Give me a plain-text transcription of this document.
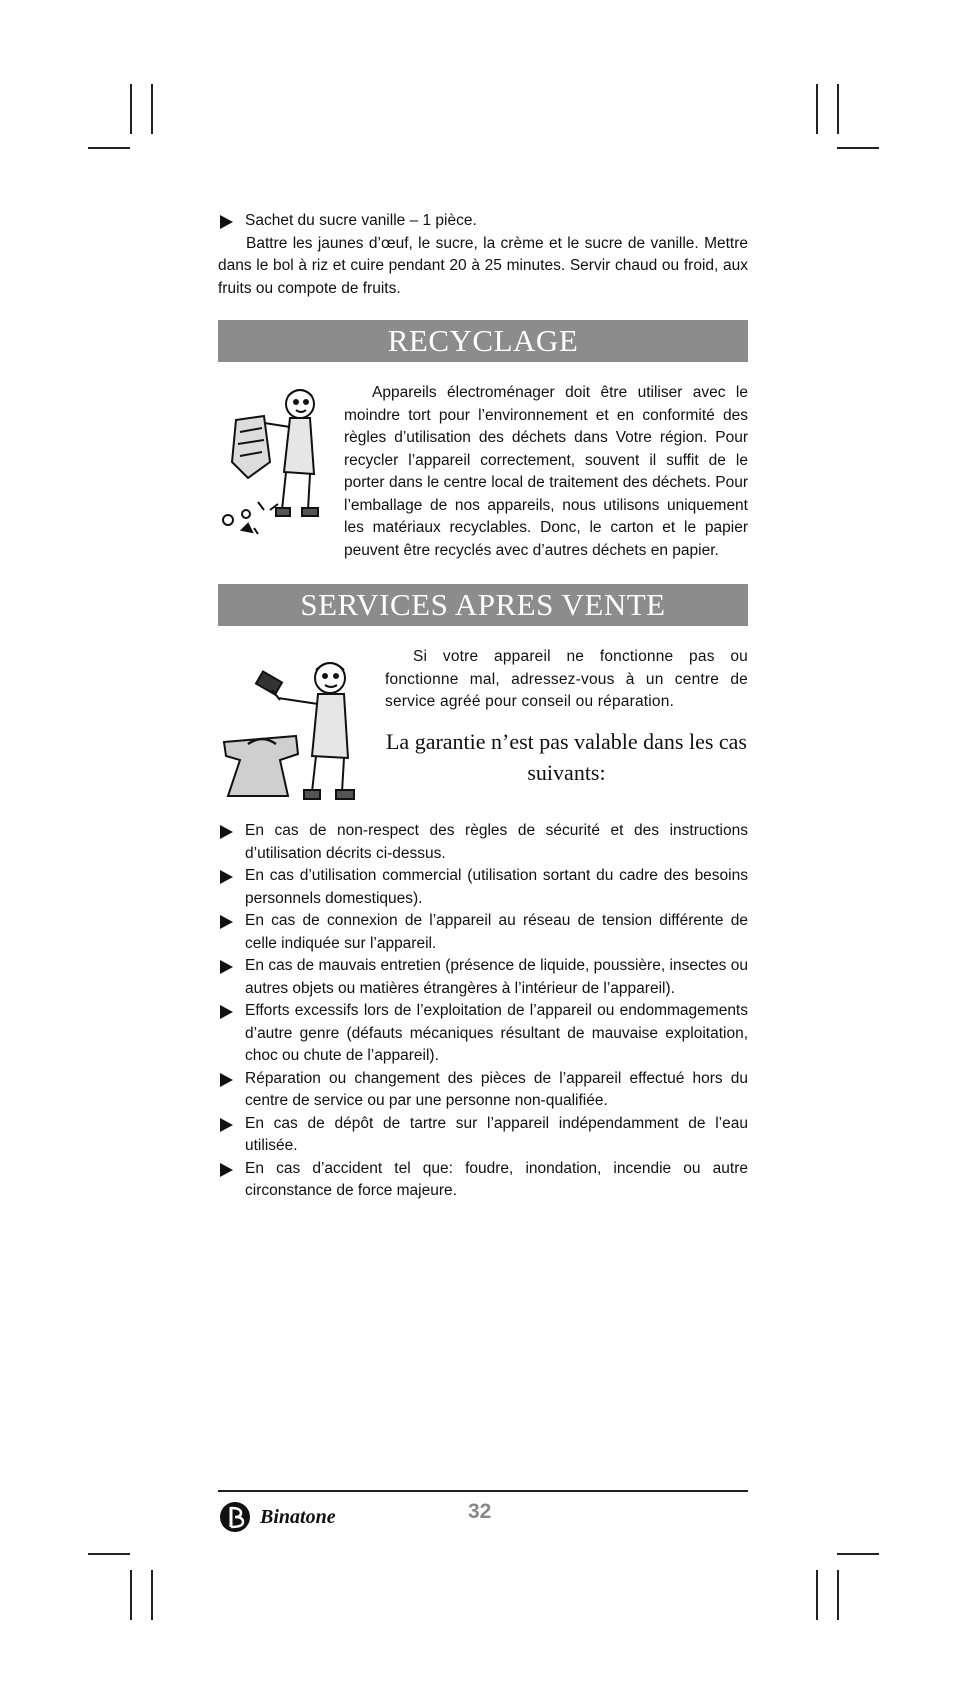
Sachet du sucre vanille – 1 pièce.

Battre les jaunes d’œuf, le sucre, la crème et le sucre de vanille. Mettre dans le bol à riz et cuire pendant 20 à 25 minutes. Servir chaud ou froid, aux fruits ou compote de fruits.

RECYCLAGE

Appareils électroménager doit être utiliser avec le moindre tort pour l’environnement et en conformité des règles d’utilisation des déchets dans Votre région. Pour recycler l’appareil correctement, souvent il suffit de le porter dans le centre local de traitement des déchets. Pour l’emballage de nos appareils, nous utilisons uniquement les matériaux recyclables. Donc, le carton et le papier peuvent être recyclés avec d’autres déchets en papier.

SERVICES APRES VENTE

Si votre appareil ne fonctionne pas ou fonctionne mal, adressez-vous à un centre de service agréé pour conseil ou réparation.

La garantie n’est pas valable dans les cas suivants:
En cas de non-respect des règles de sécurité et des instructions d’utilisation décrits ci-dessus.
En cas d’utilisation commercial (utilisation sortant du cadre des besoins personnels domestiques).
En cas de connexion de l’appareil au réseau de tension différente de celle indiquée sur l’appareil.
En cas de mauvais entretien (présence de liquide, poussière, insectes ou autres objets ou matières étrangères à l’intérieur de l’appareil).
Efforts excessifs lors de l’exploitation de l’appareil ou endommagements d’autre genre (défauts mécaniques résultant de mauvaise exploitation, choc ou chute de l’appareil).
Réparation ou changement des pièces de l’appareil effectué hors du centre de service ou par une personne non-qualifiée.
En cas de dépôt de tartre sur l’appareil indépendamment de l’eau utilisée.
En cas d’accident tel que: foudre, inondation, incendie ou autre circonstance de force majeure.
Binatone	32
